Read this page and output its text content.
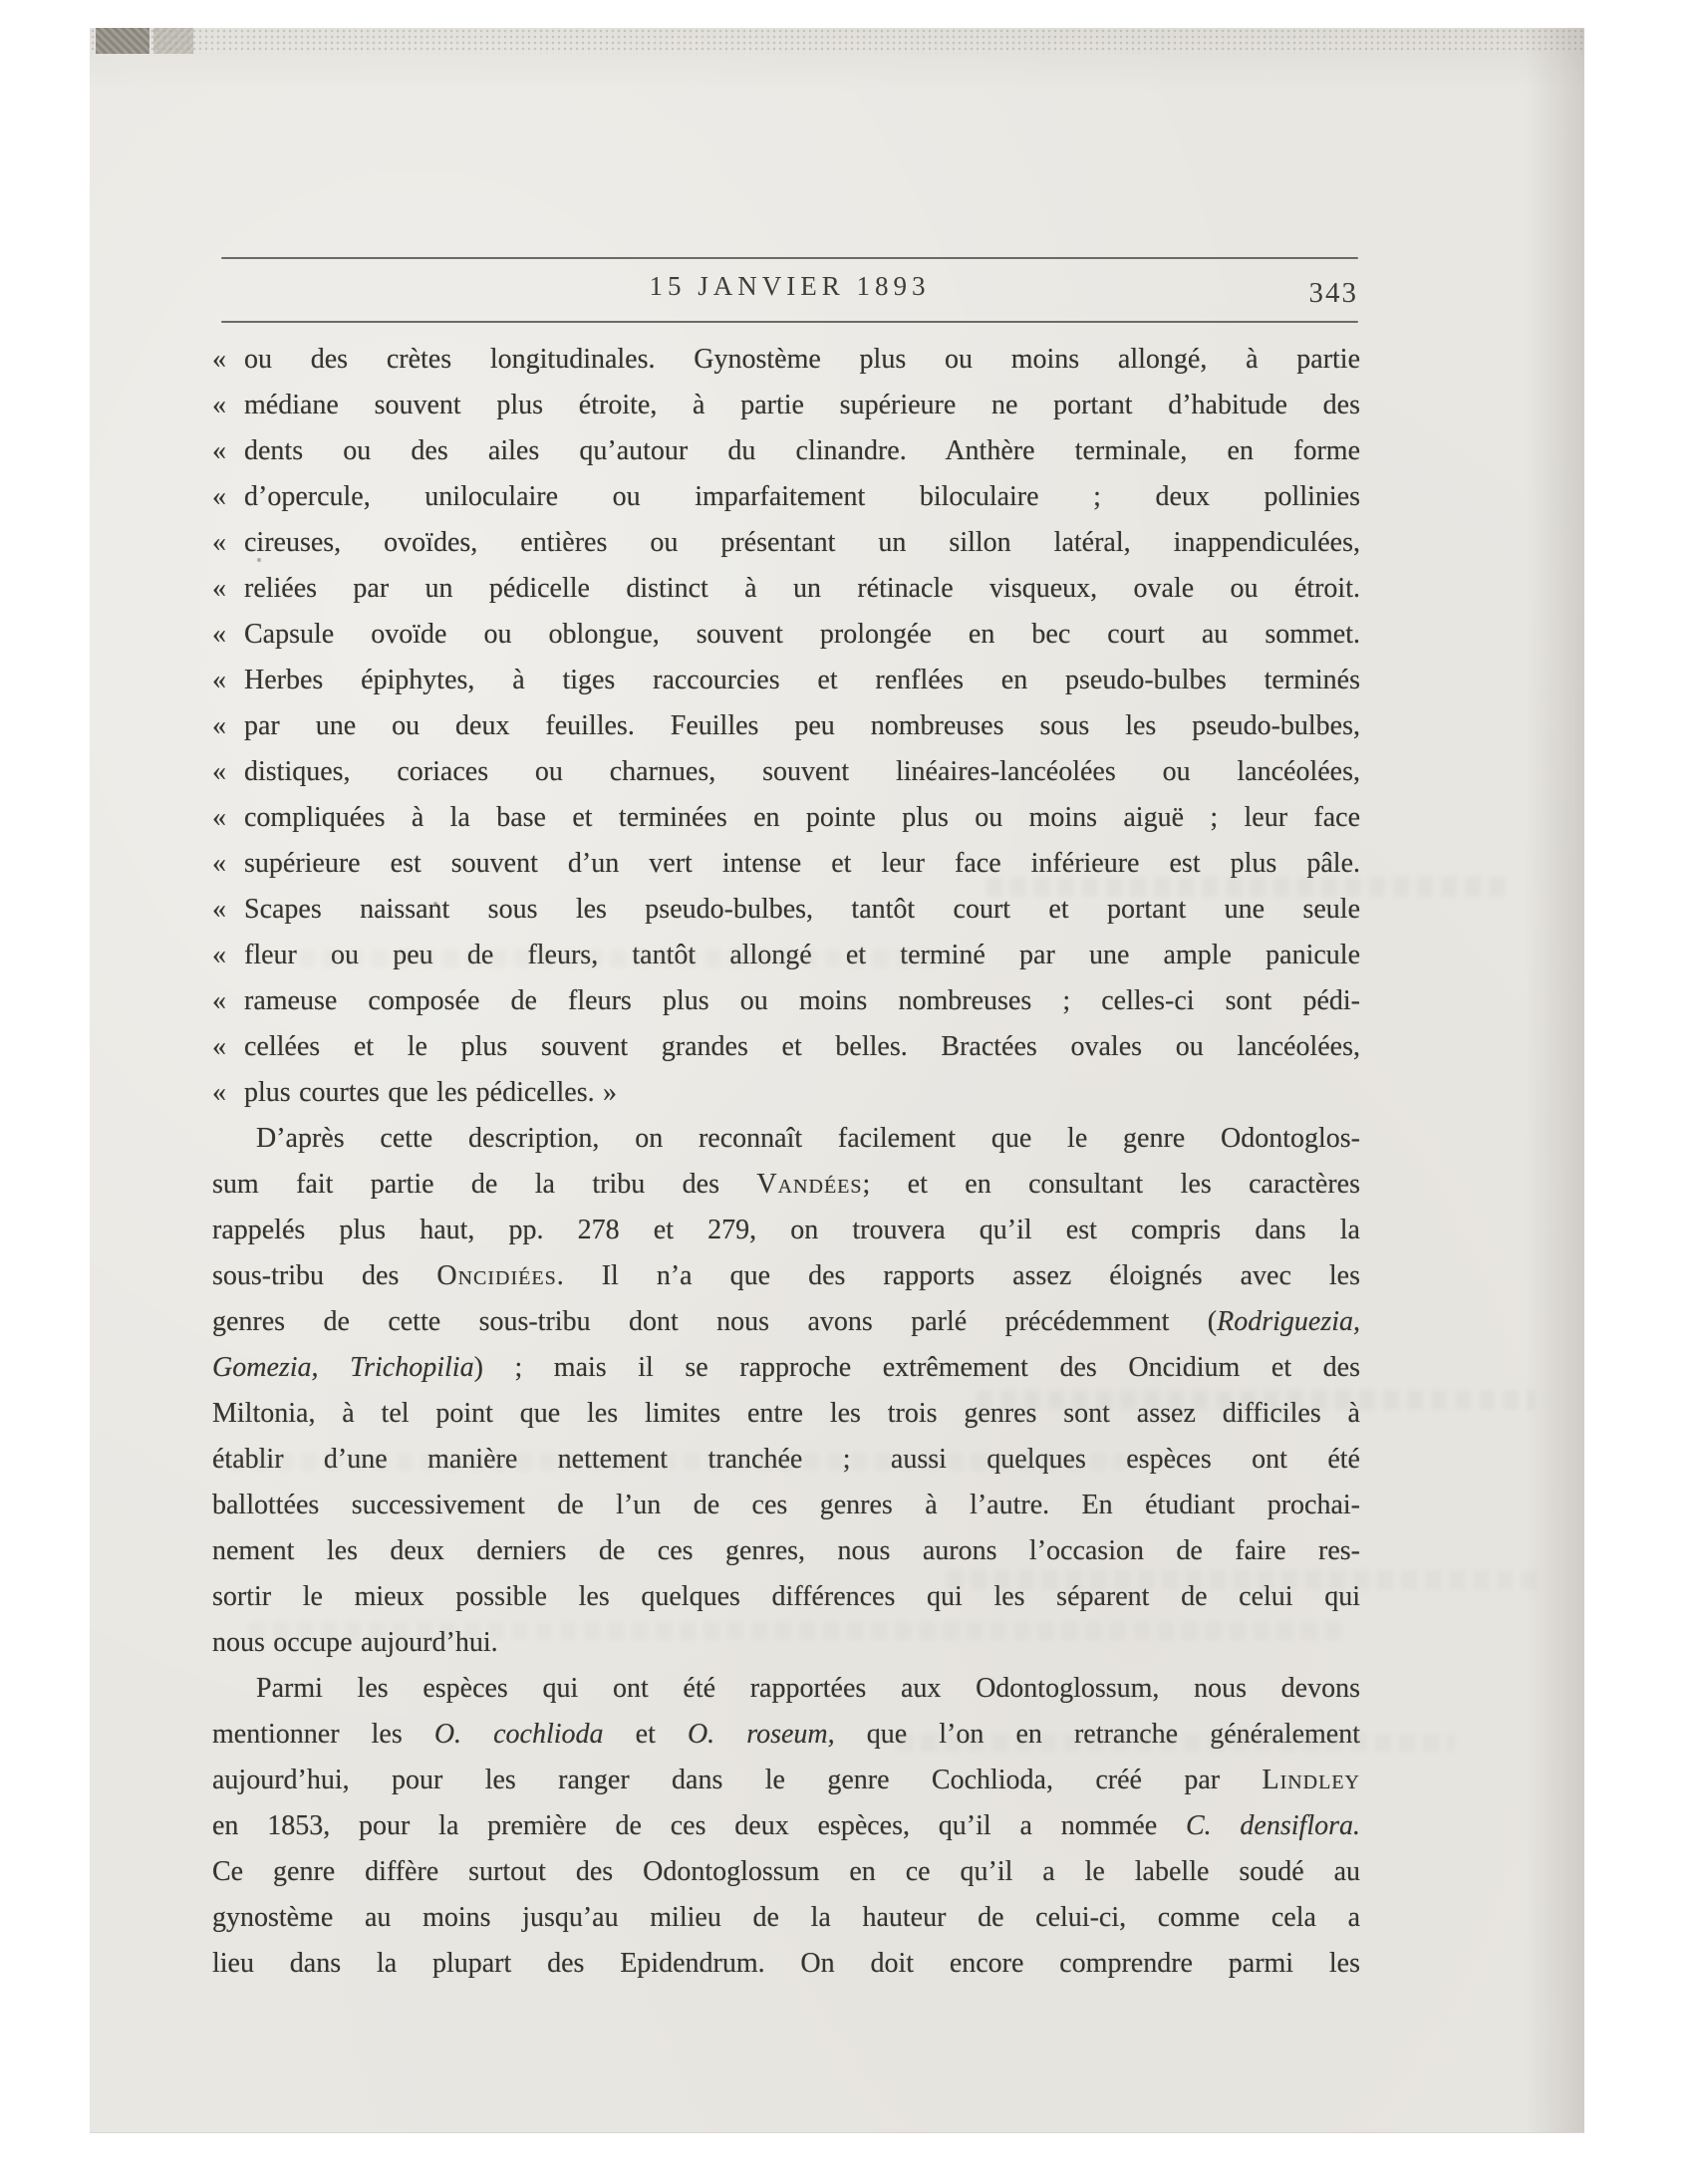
15 JANVIER 1893	343
« ou des crètes longitudinales. Gynostème plus ou moins allongé, à partie
« médiane souvent plus étroite, à partie supérieure ne portant d’habitude des
« dents ou des ailes qu’autour du clinandre. Anthère terminale, en forme
« d’opercule, uniloculaire ou imparfaitement biloculaire ; deux pollinies
« cireuses, ovoïdes, entières ou présentant un sillon latéral, inappendiculées,
« reliées par un pédicelle distinct à un rétinacle visqueux, ovale ou étroit.
« Capsule ovoïde ou oblongue, souvent prolongée en bec court au sommet.
« Herbes épiphytes, à tiges raccourcies et renflées en pseudo-bulbes terminés
« par une ou deux feuilles. Feuilles peu nombreuses sous les pseudo-bulbes,
« distiques, coriaces ou charnues, souvent linéaires-lancéolées ou lancéolées,
« compliquées à la base et terminées en pointe plus ou moins aiguë ; leur face
« supérieure est souvent d’un vert intense et leur face inférieure est plus pâle.
« Scapes naissant sous les pseudo-bulbes, tantôt court et portant une seule
« fleur ou peu de fleurs, tantôt allongé et terminé par une ample panicule
« rameuse composée de fleurs plus ou moins nombreuses ; celles-ci sont pédi-
« cellées et le plus souvent grandes et belles. Bractées ovales ou lancéolées,
« plus courtes que les pédicelles. »
D’après cette description, on reconnaît facilement que le genre Odontoglos-
sum fait partie de la tribu des Vandées; et en consultant les caractères
rappelés plus haut, pp. 278 et 279, on trouvera qu’il est compris dans la
sous-tribu des Oncidiées. Il n’a que des rapports assez éloignés avec les
genres de cette sous-tribu dont nous avons parlé précédemment (Rodriguezia,
Gomezia, Trichopilia) ; mais il se rapproche extrêmement des Oncidium et des
Miltonia, à tel point que les limites entre les trois genres sont assez difficiles à
établir d’une manière nettement tranchée ; aussi quelques espèces ont été
ballottées successivement de l’un de ces genres à l’autre. En étudiant prochai-
nement les deux derniers de ces genres, nous aurons l’occasion de faire res-
sortir le mieux possible les quelques différences qui les séparent de celui qui
nous occupe aujourd’hui.
Parmi les espèces qui ont été rapportées aux Odontoglossum, nous devons
mentionner les O. cochlioda et O. roseum, que l’on en retranche généralement
aujourd’hui, pour les ranger dans le genre Cochlioda, créé par Lindley
en 1853, pour la première de ces deux espèces, qu’il a nommée C. densiflora.
Ce genre diffère surtout des Odontoglossum en ce qu’il a le labelle soudé au
gynostème au moins jusqu’au milieu de la hauteur de celui-ci, comme cela a
lieu dans la plupart des Epidendrum. On doit encore comprendre parmi les
